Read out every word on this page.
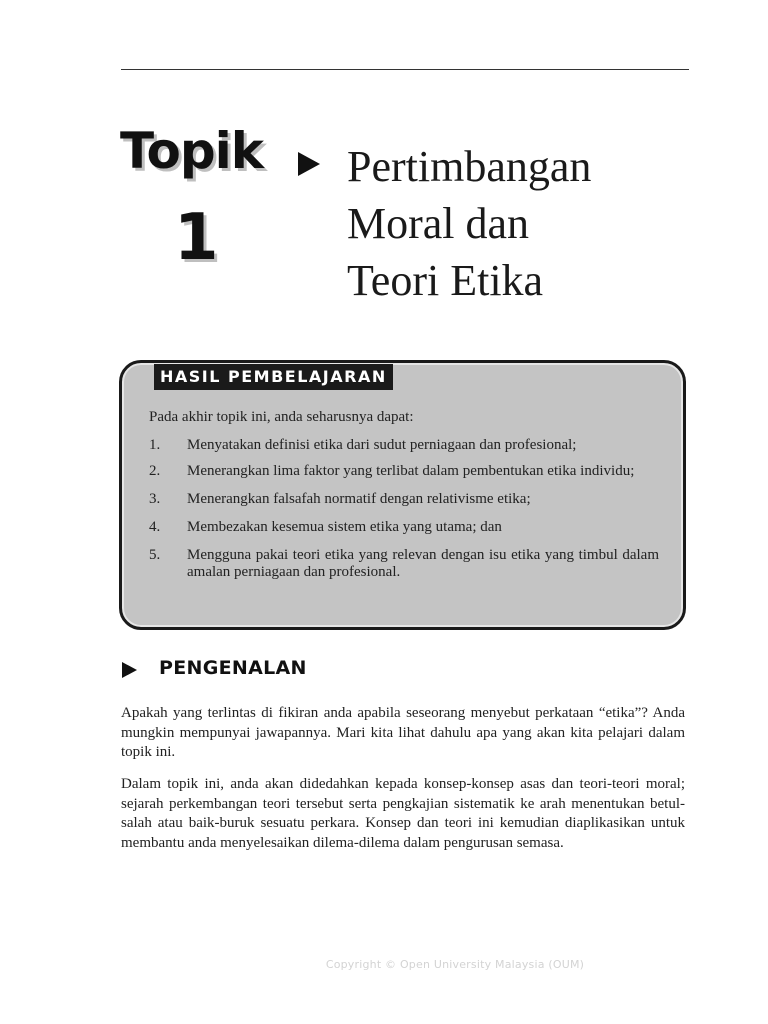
Topik
1
Pertimbangan
Moral dan
Teori Etika
HASIL PEMBELAJARAN
Pada akhir topik ini, anda seharusnya dapat:
1. Menyatakan definisi etika dari sudut perniagaan dan profesional;
2. Menerangkan lima faktor yang terlibat dalam pembentukan etika individu;
3. Menerangkan falsafah normatif dengan relativisme etika;
4. Membezakan kesemua sistem etika yang utama; dan
5. Mengguna pakai teori etika yang relevan dengan isu etika yang timbul dalam amalan perniagaan dan profesional.
PENGENALAN

Apakah yang terlintas di fikiran anda apabila seseorang menyebut perkataan “etika”? Anda mungkin mempunyai jawapannya. Mari kita lihat dahulu apa yang akan kita pelajari dalam topik ini.

Dalam topik ini, anda akan didedahkan kepada konsep-konsep asas dan teori-teori moral; sejarah perkembangan teori tersebut serta pengkajian sistematik ke arah menentukan betul-salah atau baik-buruk sesuatu perkara. Konsep dan teori ini kemudian diaplikasikan untuk membantu anda menyelesaikan dilema-dilema dalam pengurusan semasa.

Copyright © Open University Malaysia (OUM)
